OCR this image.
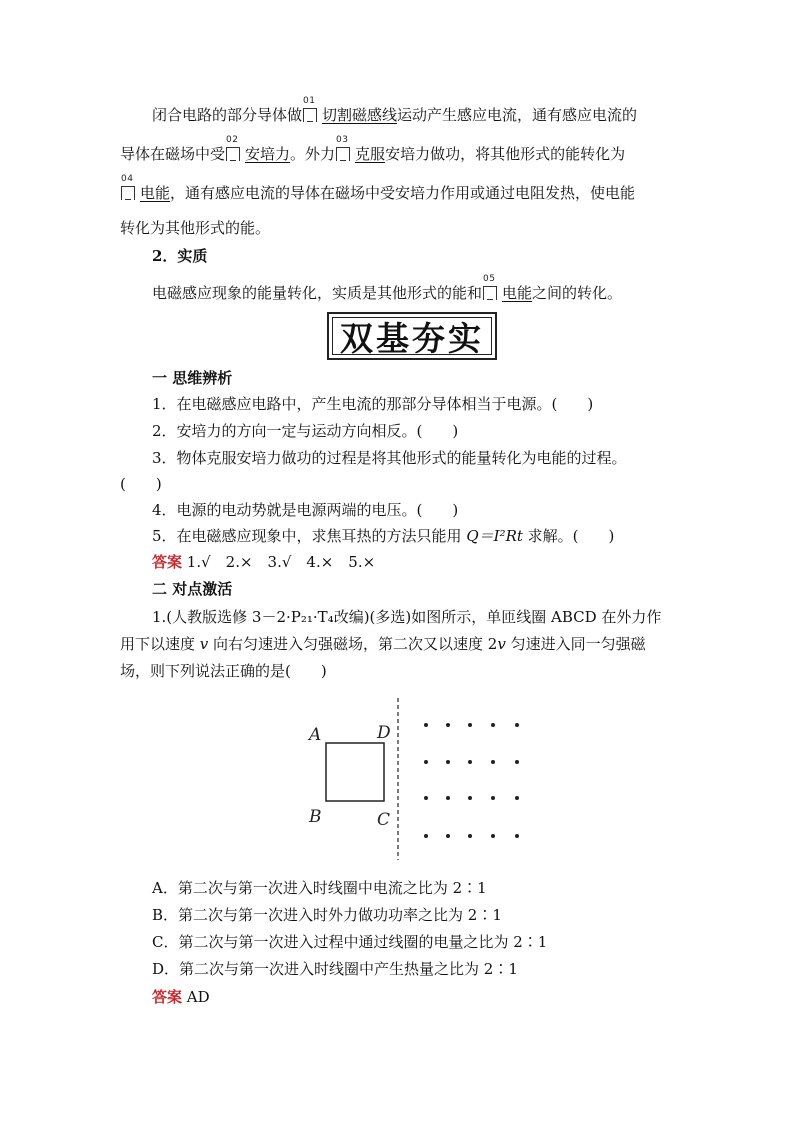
闭合电路的部分导体做
01
切割磁感线运动产生感应电流，通有感应电流的
导体在磁场中受
02
安培力。外力
03
克服安培力做功，将其他形式的能转化为
04
电能，通有感应电流的导体在磁场中受安培力作用或通过电阻发热，使电能
转化为其他形式的能。
2．实质
电磁感应现象的能量转化，实质是其他形式的能和
05
电能之间的转化。
双基夯实
一 思维辨析
1．在电磁感应电路中，产生电流的那部分导体相当于电源。(　　)
2．安培力的方向一定与运动方向相反。(　　)
3．物体克服安培力做功的过程是将其他形式的能量转化为电能的过程。
(　　)
4．电源的电动势就是电源两端的电压。(　　)
5．在电磁感应现象中，求焦耳热的方法只能用 Q＝I²Rt 求解。(　　)
答案 1.√　2.×　3.√　4.×　5.×
二 对点激活
1.(人教版选修 3－2·P₂₁·T₄改编)(多选)如图所示，单匝线圈 ABCD 在外力作
用下以速度 v 向右匀速进入匀强磁场，第二次又以速度 2v 匀速进入同一匀强磁
场，则下列说法正确的是(　　)
A	D
B	C
A．第二次与第一次进入时线圈中电流之比为 2∶1
B．第二次与第一次进入时外力做功功率之比为 2∶1
C．第二次与第一次进入过程中通过线圈的电量之比为 2∶1
D．第二次与第一次进入时线圈中产生热量之比为 2∶1
答案 AD
